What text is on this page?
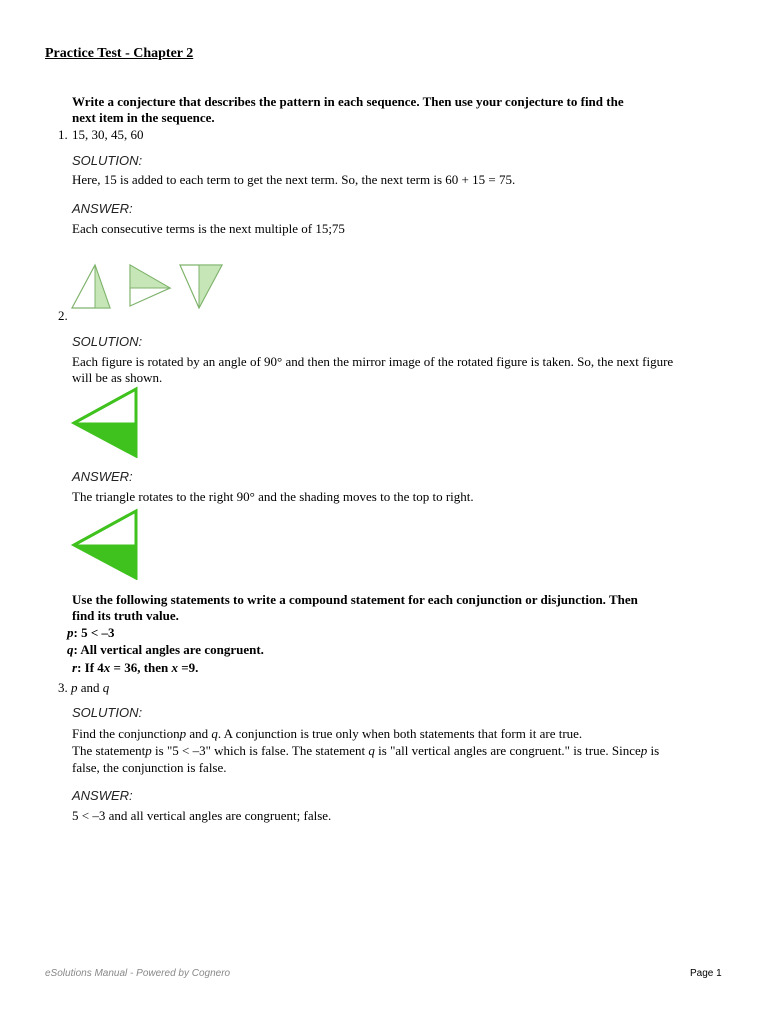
Practice Test - Chapter 2
Write a conjecture that describes the pattern in each sequence. Then use your conjecture to find the
next item in the sequence.
1. 15, 30, 45, 60
SOLUTION:
Here, 15 is added to each term to get the next term. So, the next term is 60 + 15 = 75.
ANSWER:
Each consecutive terms is the next multiple of 15;75
2.
SOLUTION:
Each figure is rotated by an angle of 90° and then the mirror image of the rotated figure is taken. So, the next figure
will be as shown.
ANSWER:
The triangle rotates to the right 90° and the shading moves to the top to right.
Use the following statements to write a compound statement for each conjunction or disjunction. Then
find its truth value.
p: 5 < –3
q: All vertical angles are congruent.
r: If 4x = 36, then x =9.
3. p and q
SOLUTION:
Find the conjunctionp and q. A conjunction is true only when both statements that form it are true.
The statementp is "5 < –3" which is false. The statement q is "all vertical angles are congruent." is true. Sincep is
false, the conjunction is false.
ANSWER:
5 < –3 and all vertical angles are congruent; false.
eSolutions Manual - Powered by Cognero	Page 1
